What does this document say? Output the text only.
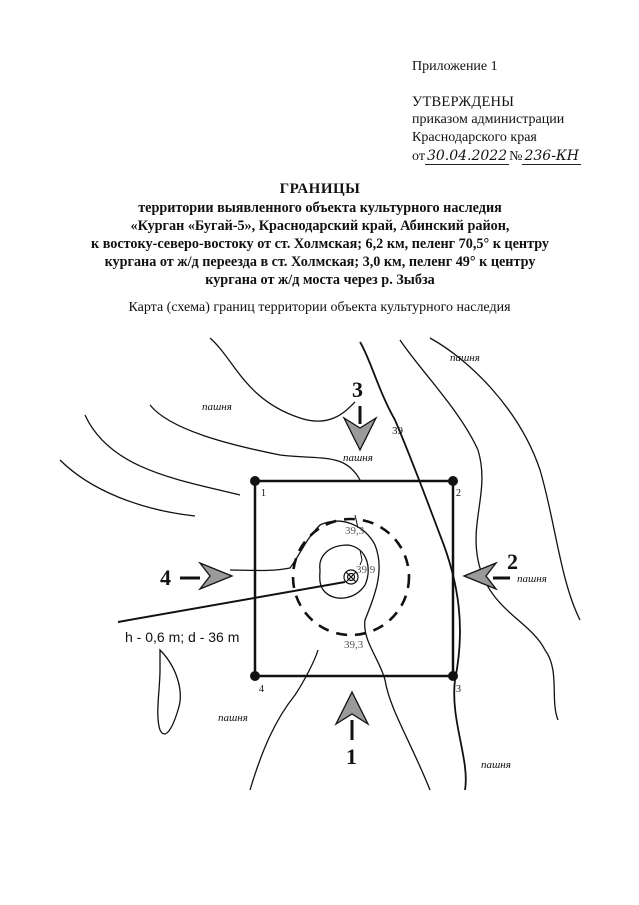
Приложение 1
УТВЕРЖДЕНЫ
приказом администрации
Краснодарского края
от 30.04.2022 № 236-КН
ГРАНИЦЫ
территории выявленного объекта культурного наследия
«Курган «Бугай-5», Краснодарский край, Абинский район,
к востоку-северо-востоку от ст. Холмская; 6,2 км, пеленг 70,5° к центру
кургана от ж/д переезда в ст. Холмская; 3,0 км, пеленг 49° к центру
кургана от ж/д моста через р. Зыбза
Карта (схема) границ территории объекта культурного наследия
пашня
пашня
пашня
пашня
пашня
пашня
39
39,3
39,9
39,3
1	2
3
4
3
4
2
1
h - 0,6 m; d - 36 m
